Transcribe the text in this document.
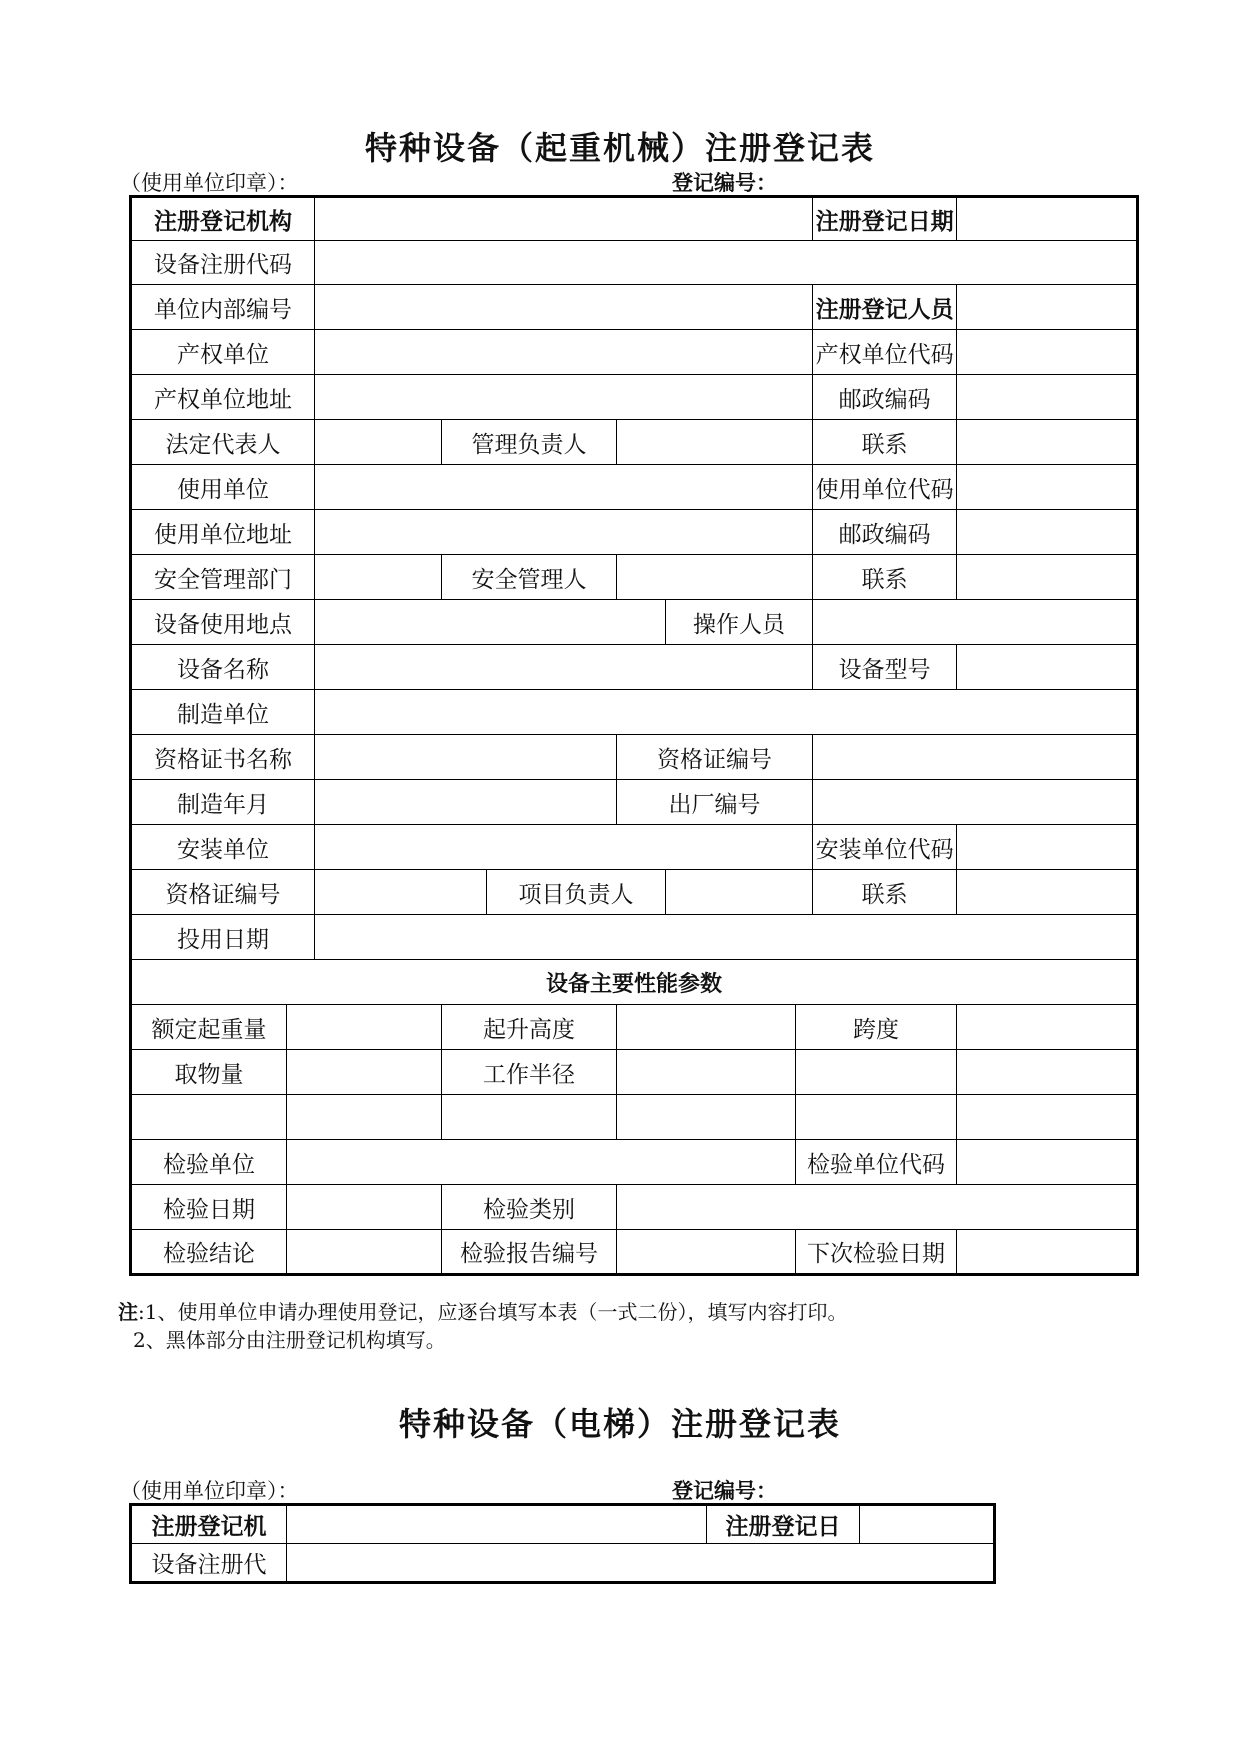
特种设备（起重机械）注册登记表
（使用单位印章）：	登记编号：
注册登记机构								注册登记日期	
设备注册代码									
单位内部编号								注册登记人员	
产权单位								产权单位代码	
产权单位地址								邮政编码	
法定代表人			管理负责人					联系	
使用单位								使用单位代码	
使用单位地址								邮政编码	
安全管理部门			安全管理人					联系	
设备使用地点						操作人员			
设备名称								设备型号	
制造单位									
资格证书名称					资格证编号				
制造年月					出厂编号				
安装单位								安装单位代码	
资格证编号				项目负责人				联系	
投用日期									
设备主要性能参数									
额定起重量			起升高度				跨度		
取物量			工作半径						

检验单位							检验单位代码		
检验日期			检验类别						
检验结论			检验报告编号				下次检验日期		
注:1、使用单位申请办理使用登记，应逐台填写本表（一式二份），填写内容打印。
2、黑体部分由注册登记机构填写。
特种设备（电梯）注册登记表
（使用单位印章）：	登记编号：
注册登记机		注册登记日	
设备注册代			
